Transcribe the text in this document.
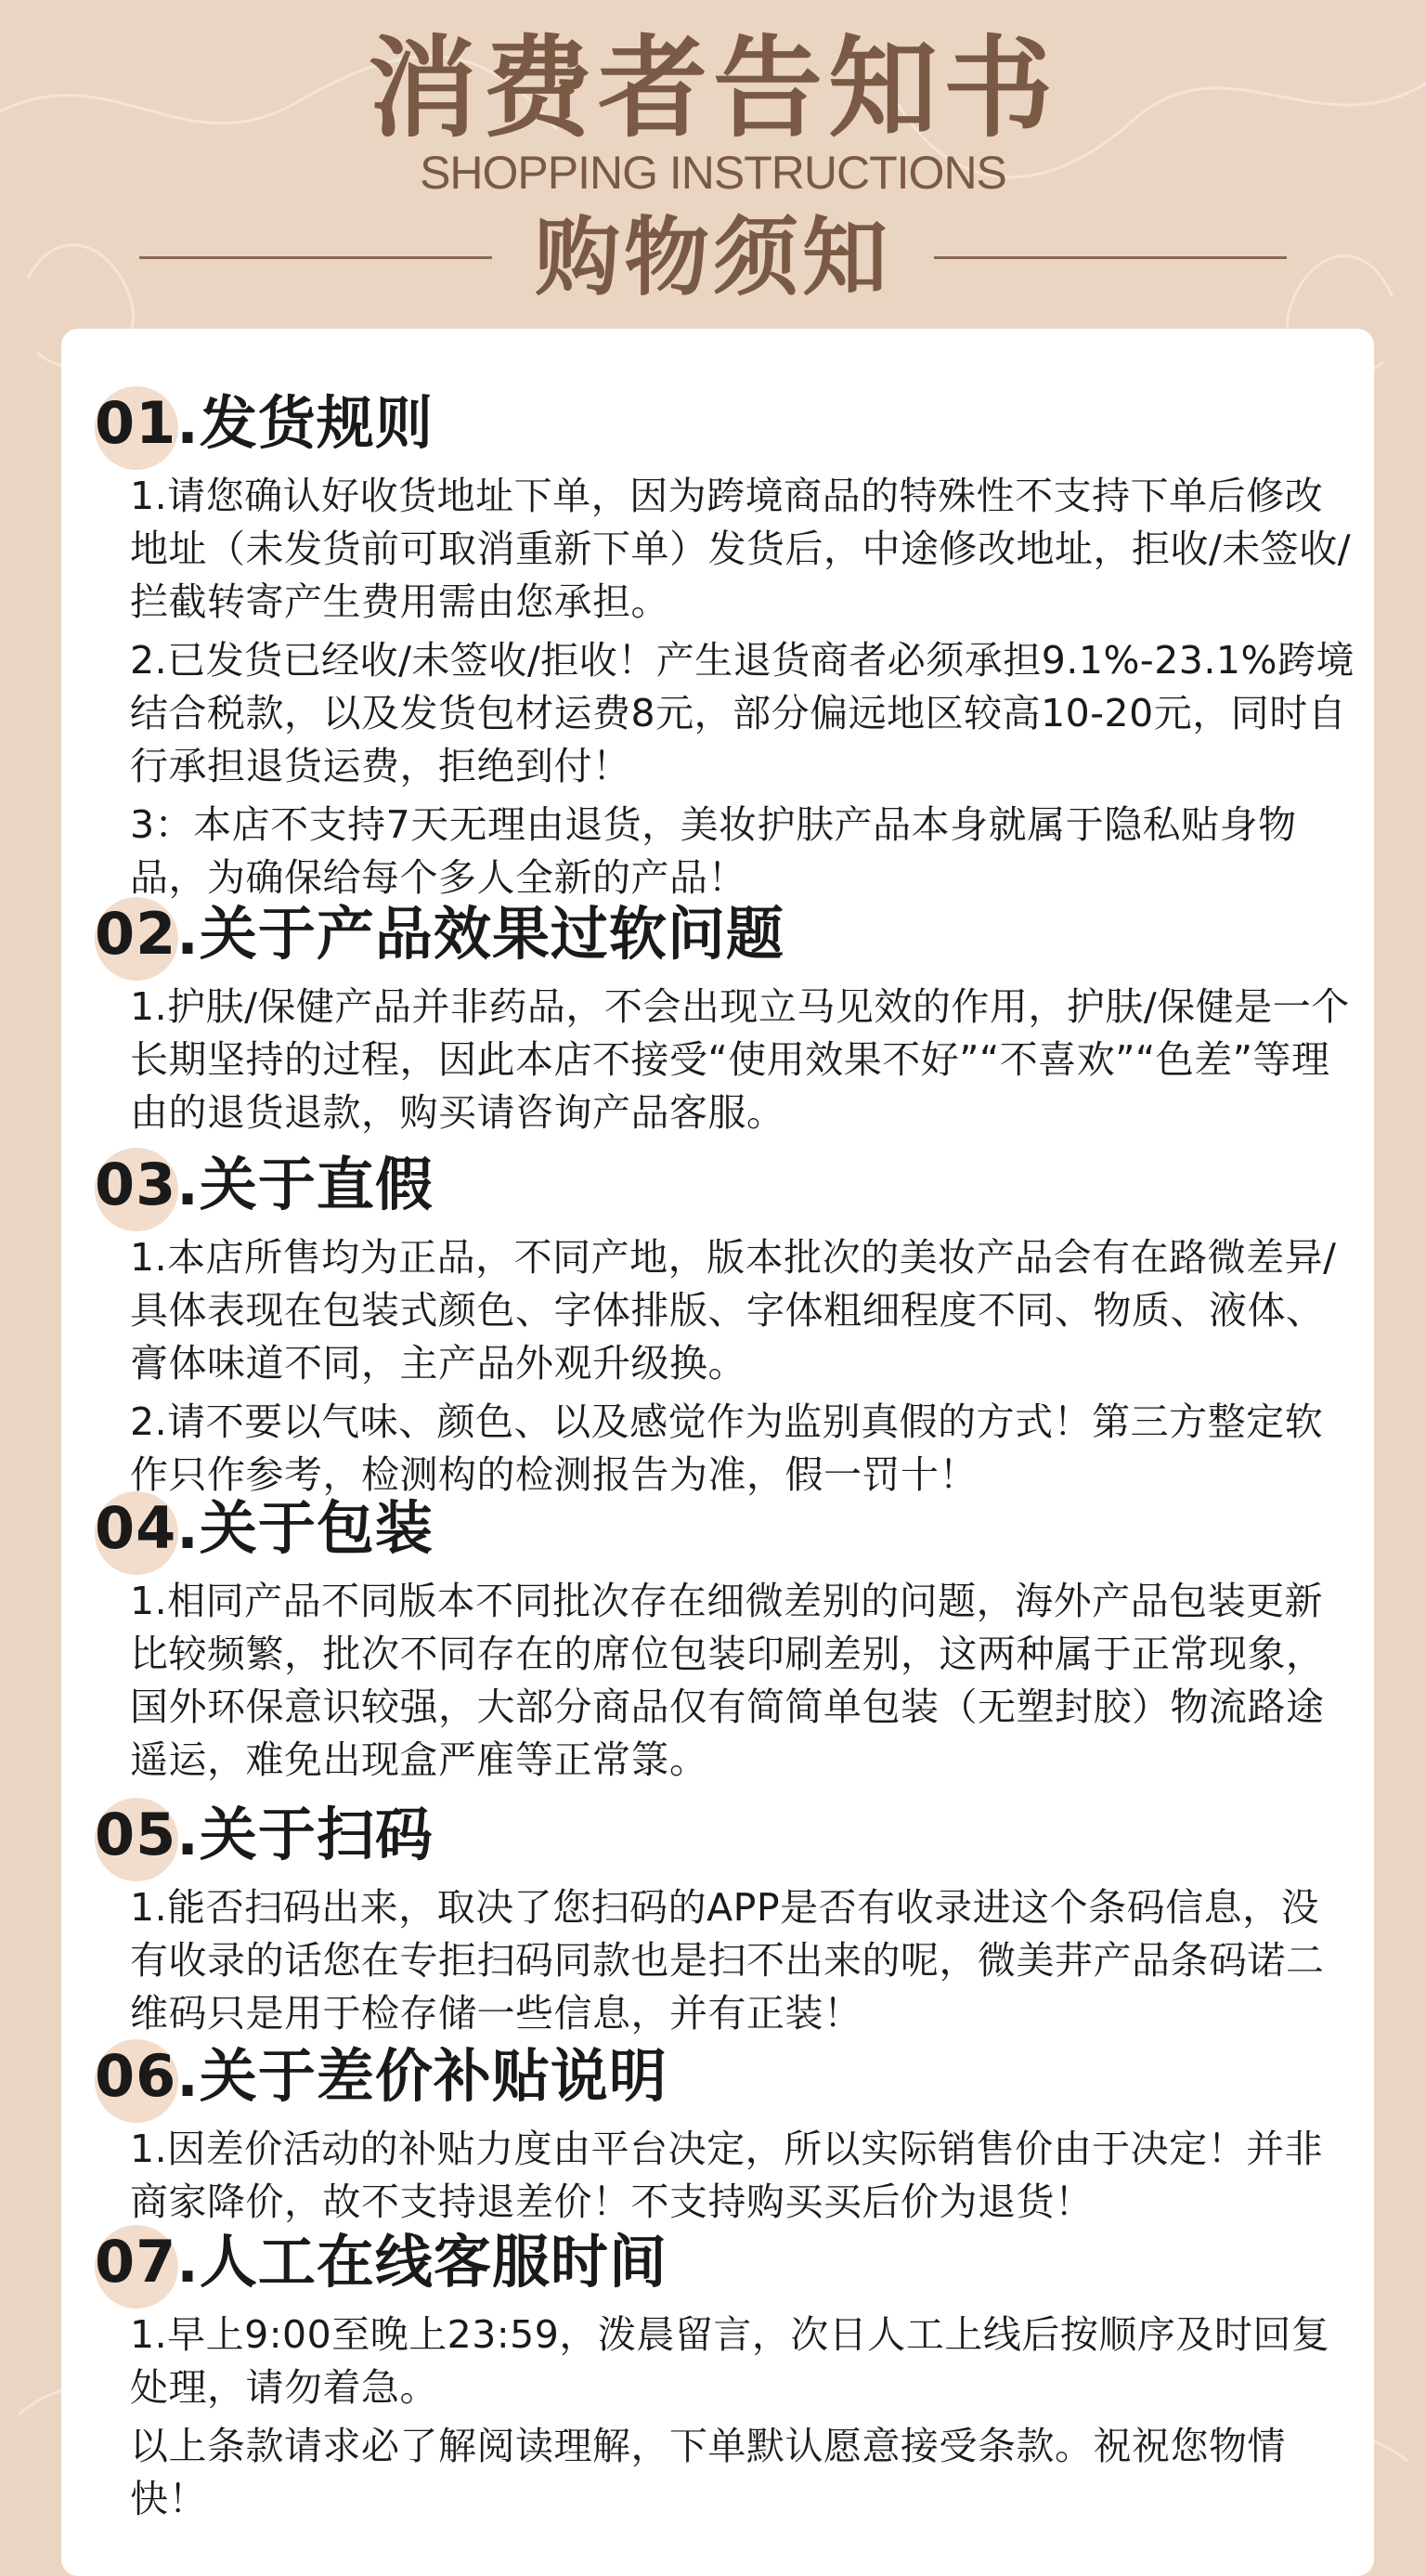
消费者告知书
SHOPPING INSTRUCTIONS
购物须知
01.发货规则

1.请您确认好收货地址下单，因为跨境商品的特殊性不支持下单后修改地址（未发货前可取消重新下单）发货后，中途修改地址，拒收/未签收/拦截转寄产生费用需由您承担。

2.已发货已经收/未签收/拒收！产生退货商者必须承担9.1%-23.1%跨境结合税款，以及发货包材运费8元，部分偏远地区较高10-20元，同时自行承担退货运费，拒绝到付！

3：本店不支持7天无理由退货，美妆护肤产品本身就属于隐私贴身物品，为确保给每个多人全新的产品！

02.关于产品效果过软问题

1.护肤/保健产品并非药品，不会出现立马见效的作用，护肤/保健是一个长期坚持的过程，因此本店不接受“使用效果不好”“不喜欢”“色差”等理由的退货退款，购买请咨询产品客服。

03.关于直假

1.本店所售均为正品，不同产地，版本批次的美妆产品会有在路微差异/具体表现在包装式颜色、字体排版、字体粗细程度不同、物质、液体、膏体味道不同，主产品外观升级换。

2.请不要以气味、颜色、以及感觉作为监别真假的方式！第三方整定软作只作参考，检测构的检测报告为准，假一罚十！

04.关于包装

1.相同产品不同版本不同批次存在细微差别的问题，海外产品包装更新比较频繁，批次不同存在的席位包装印刷差别，这两种属于正常现象，国外环保意识较强，大部分商品仅有简简单包装（无塑封胶）物流路途遥运，难免出现盒严㢈等正常箓。

05.关于扫码

1.能否扫码出来，取决了您扫码的APP是否有收录进这个条码信息，没有收录的话您在专拒扫码同款也是扫不出来的呢，微美茾产品条码诺二维码只是用于检存储一些信息，并有正装！

06.关于差价补贴说明

1.因差价活动的补贴力度由平台决定，所以实际销售价由于决定！并非商家降价，故不支持退差价！不支持购买买后价为退货！

07.人工在线客服时间

1.早上9:00至晚上23:59，泼晨留言，次日人工上线后按顺序及时回复处理，请勿着急。

以上条款请求必了解阅读理解，下单默认愿意接受条款。祝祝您物情快！
